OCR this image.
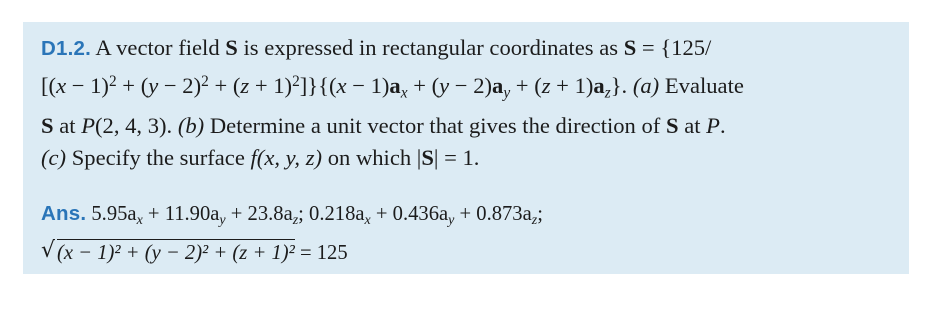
D1.2. A vector field S is expressed in rectangular coordinates as S = {125/
$[(x - 1)^2 + (y - 2)^2 + (z + 1)^2]\}\{(x - 1)a_x + (y - 2)a_y + (z + 1)a_z\}$. (a) Evaluate
S at P(2, 4, 3). (b) Determine a unit vector that gives the direction of S at P.
(c) Specify the surface f(x, y, z) on which |S| = 1.
Ans. $5.95a_x + 11.90a_y + 23.8a_z$; $0.218a_x + 0.436a_y + 0.873a_z$;
√ (x − 1)² + (y − 2)² + (z + 1)² = 125
